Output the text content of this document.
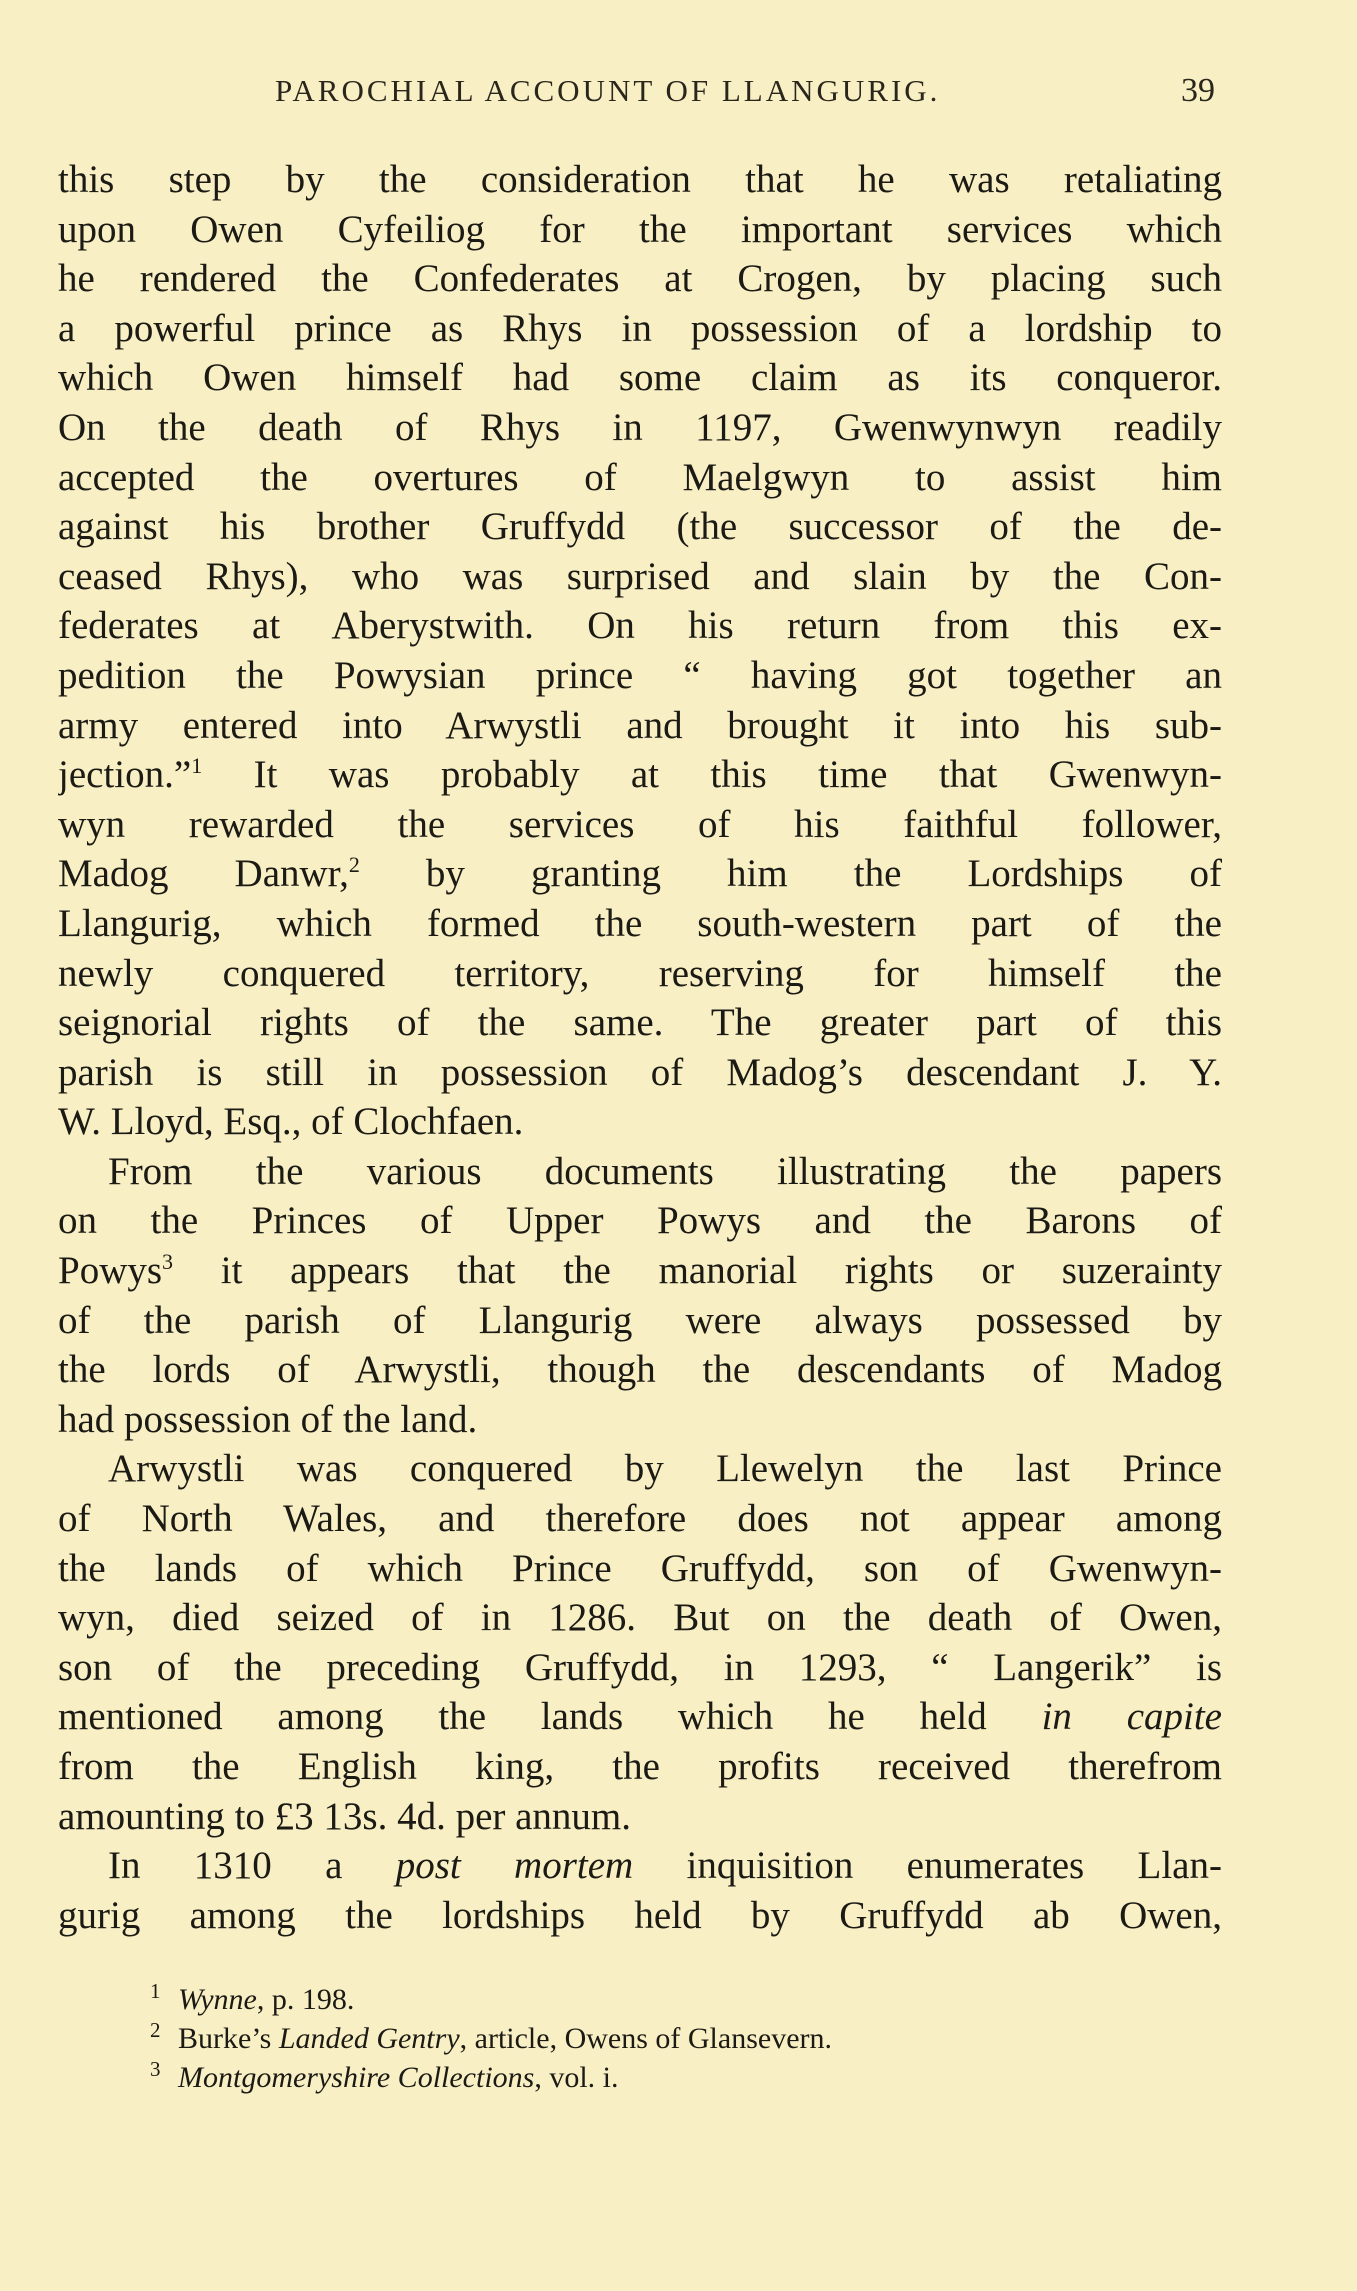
PAROCHIAL ACCOUNT OF LLANGURIG.	39
this step by the consideration that he was retaliating
upon Owen Cyfeiliog for the important services which
he rendered the Confederates at Crogen, by placing such
a powerful prince as Rhys in possession of a lordship to
which Owen himself had some claim as its conqueror.
On the death of Rhys in 1197, Gwenwynwyn readily
accepted the overtures of Maelgwyn to assist him
against his brother Gruffydd (the successor of the de-
ceased Rhys), who was surprised and slain by the Con-
federates at Aberystwith. On his return from this ex-
pedition the Powysian prince “ having got together an
army entered into Arwystli and brought it into his sub-
jection.”$^1$ It was probably at this time that Gwenwyn-
wyn rewarded the services of his faithful follower,
Madog Danwr,$^2$ by granting him the Lordships of
Llangurig, which formed the south-western part of the
newly conquered territory, reserving for himself the
seignorial rights of the same. The greater part of this
parish is still in possession of Madog’s descendant J. Y.
W. Lloyd, Esq., of Clochfaen.
From the various documents illustrating the papers
on the Princes of Upper Powys and the Barons of
Powys$^3$ it appears that the manorial rights or suzerainty
of the parish of Llangurig were always possessed by
the lords of Arwystli, though the descendants of Madog
had possession of the land.
Arwystli was conquered by Llewelyn the last Prince
of North Wales, and therefore does not appear among
the lands of which Prince Gruffydd, son of Gwenwyn-
wyn, died seized of in 1286. But on the death of Owen,
son of the preceding Gruffydd, in 1293, “ Langerik” is
mentioned among the lands which he held in capite
from the English king, the profits received therefrom
amounting to £3 13s. 4d. per annum.
In 1310 a post mortem inquisition enumerates Llan-
gurig among the lordships held by Gruffydd ab Owen,
1 Wynne, p. 198.
2 Burke’s Landed Gentry, article, Owens of Glansevern.
3 Montgomeryshire Collections, vol. i.
